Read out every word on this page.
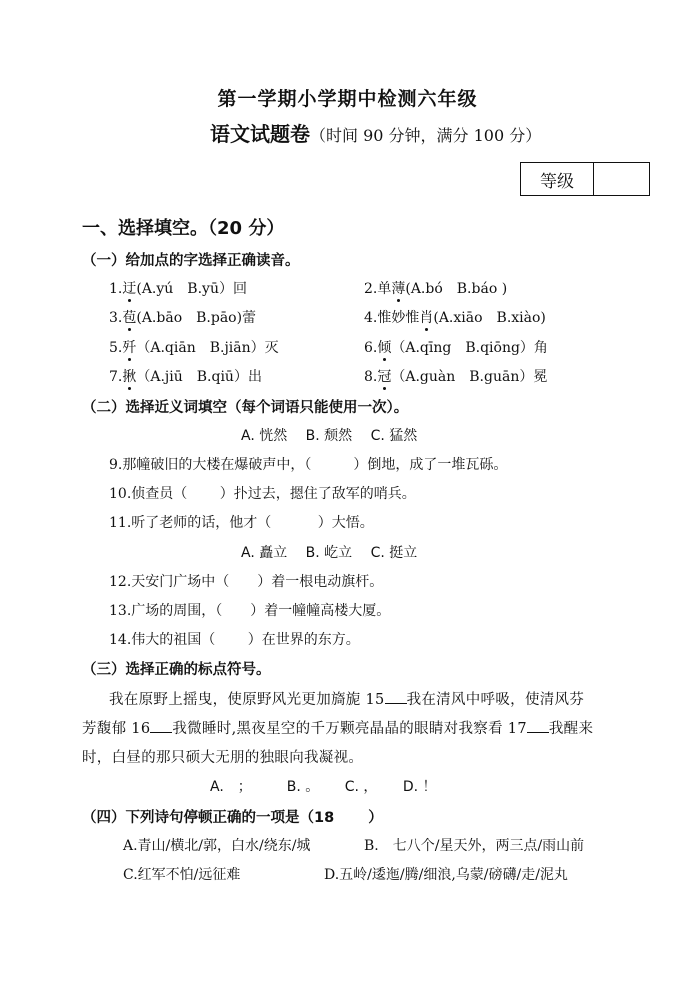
第一学期小学期中检测六年级
语文试题卷（时间 90 分钟，满分 100 分）
等级
一、选择填空。（20 分）
（一）给加点的字选择正确读音。
1.迂(A.yú　B.yū）回	2.单薄(A.bó　B.báo )
3.苞(A.bāo　B.pāo)蕾	4.惟妙惟肖(A.xiāo　B.xiào)
5.歼（A.qiān　B.jiān）灭	6.倾（A.qīng　B.qiōng）角
7.揪（A.jiū　B.qiū）出	8.冠（A.guàn　B.guān）冕
（二）选择近义词填空（每个词语只能使用一次）。
A. 恍然　 B. 颓然　 C. 猛然
9.那幢破旧的大楼在爆破声中，（　　　）倒地，成了一堆瓦砾。
10.侦查员（　　 ）扑过去，摁住了敌军的哨兵。
11.听了老师的话，他才（　　　 ）大悟。
A. 矗立　 B. 屹立　 C. 挺立
12.天安门广场中（　　）着一根电动旗杆。
13.广场的周围，（　　）着一幢幢高楼大厦。
14.伟大的祖国（　　 ）在世界的东方。
（三）选择正确的标点符号。
我在原野上摇曳，使原野风光更加旖旎 15 我在清风中呼吸，使清风芬
芳馥郁 16 我微睡时,黑夜星空的千万颗亮晶晶的眼睛对我察看 17 我醒来
时，白昼的那只硕大无朋的独眼向我凝视。
A.　；　　　B. 。　　 C. ，　　 D. ！
（四）下列诗句停顿正确的一项是（18　　 ）
A.青山/横北/郭，白水/绕东/城	B.　七八个/星天外，两三点/雨山前
C.红军不怕/远征难	D.五岭/逶迤/腾/细浪,乌蒙/磅礴/走/泥丸
